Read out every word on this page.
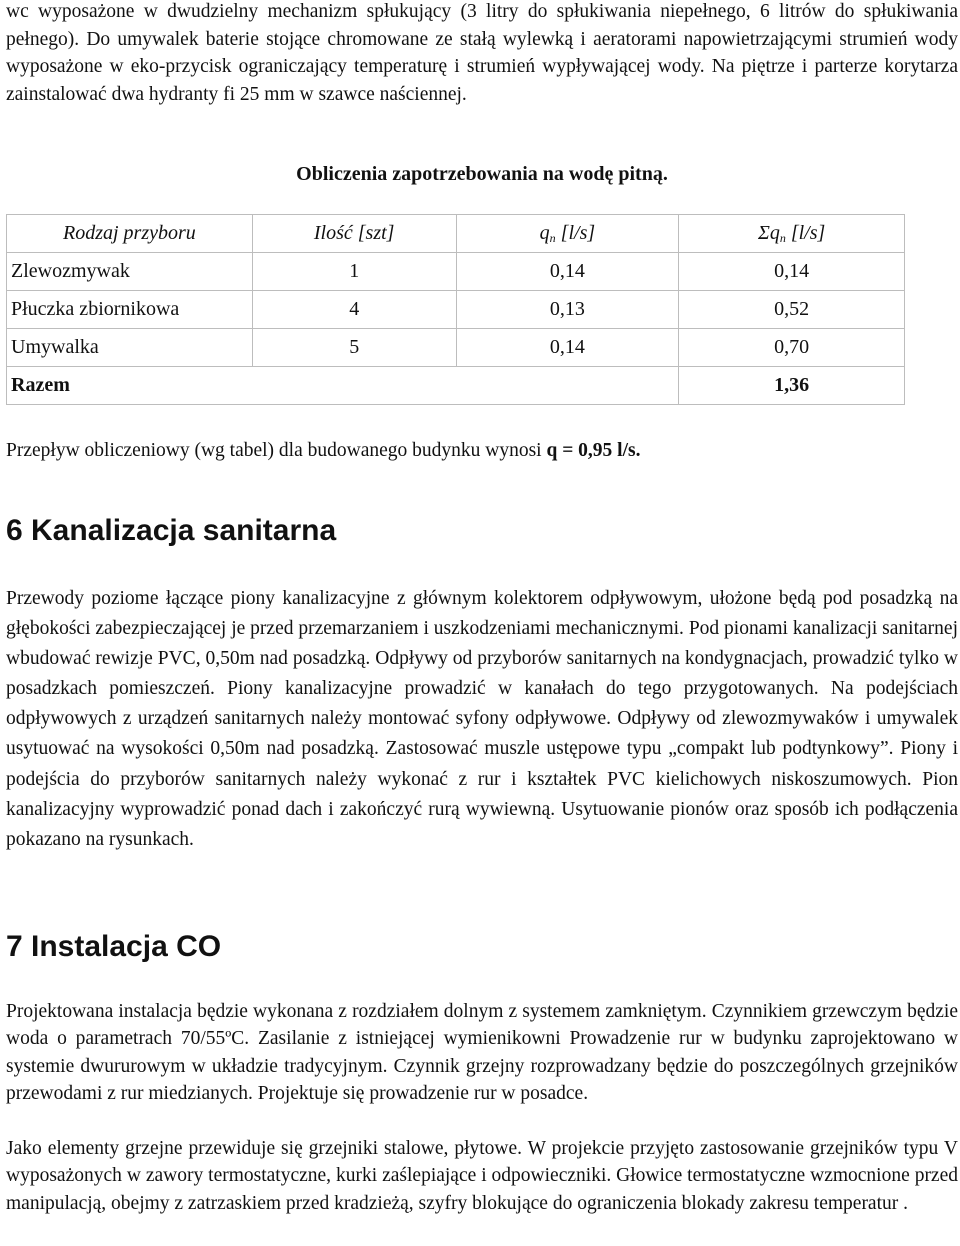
wc wyposażone w dwudzielny mechanizm spłukujący (3 litry do spłukiwania niepełnego, 6 litrów do spłukiwania pełnego). Do umywalek baterie stojące chromowane ze stałą wylewką i aeratorami napowietrzającymi strumień wody wyposażone w eko-przycisk ograniczający temperaturę i strumień wypływającej wody. Na piętrze i parterze korytarza zainstalować dwa hydranty fi 25 mm w szawce naściennej.

Obliczenia zapotrzebowania na wodę pitną.
Rodzaj przyboru	Ilość [szt]	$q_n$ [l/s]	$\Sigma q_n$ [l/s]
Zlewozmywak	1	0,14	0,14
Płuczka zbiornikowa	4	0,13	0,52
Umywalka	5	0,14	0,70
Razem			1,36
Przepływ obliczeniowy (wg tabel) dla budowanego budynku wynosi q = 0,95 l/s.
6 Kanalizacja sanitarna

Przewody poziome łączące piony kanalizacyjne z głównym kolektorem odpływowym, ułożone będą pod posadzką na głębokości zabezpieczającej je przed przemarzaniem i uszkodzeniami mechanicznymi. Pod pionami kanalizacji sanitarnej wbudować rewizje PVC, 0,50m nad posadzką. Odpływy od przyborów sanitarnych na kondygnacjach, prowadzić tylko w posadzkach pomieszczeń. Piony kanalizacyjne prowadzić w kanałach do tego przygotowanych. Na podejściach odpływowych z urządzeń sanitarnych należy montować syfony odpływowe. Odpływy od zlewozmywaków i umywalek usytuować na wysokości 0,50m nad posadzką. Zastosować muszle ustępowe typu „compakt lub podtynkowy”. Piony i podejścia do przyborów sanitarnych należy wykonać z rur i kształtek PVC kielichowych niskoszumowych. Pion kanalizacyjny wyprowadzić ponad dach i zakończyć rurą wywiewną. Usytuowanie pionów oraz sposób ich podłączenia pokazano na rysunkach.

7 Instalacja CO

Projektowana instalacja będzie wykonana z rozdziałem dolnym z systemem zamkniętym. Czynnikiem grzewczym będzie woda o parametrach 70/55ºC. Zasilanie z istniejącej wymienikowni Prowadzenie rur w budynku zaprojektowano w systemie dwururowym w układzie tradycyjnym. Czynnik grzejny rozprowadzany będzie do poszczególnych grzejników przewodami z rur miedzianych. Projektuje się prowadzenie rur w posadce.

Jako elementy grzejne przewiduje się grzejniki stalowe, płytowe. W projekcie przyjęto zastosowanie grzejników typu V wyposażonych w zawory termostatyczne, kurki zaślepiające i odpowieczniki. Głowice termostatyczne wzmocnione przed manipulacją, obejmy z zatrzaskiem przed kradzieżą, szyfry blokujące do ograniczenia blokady zakresu temperatur .
